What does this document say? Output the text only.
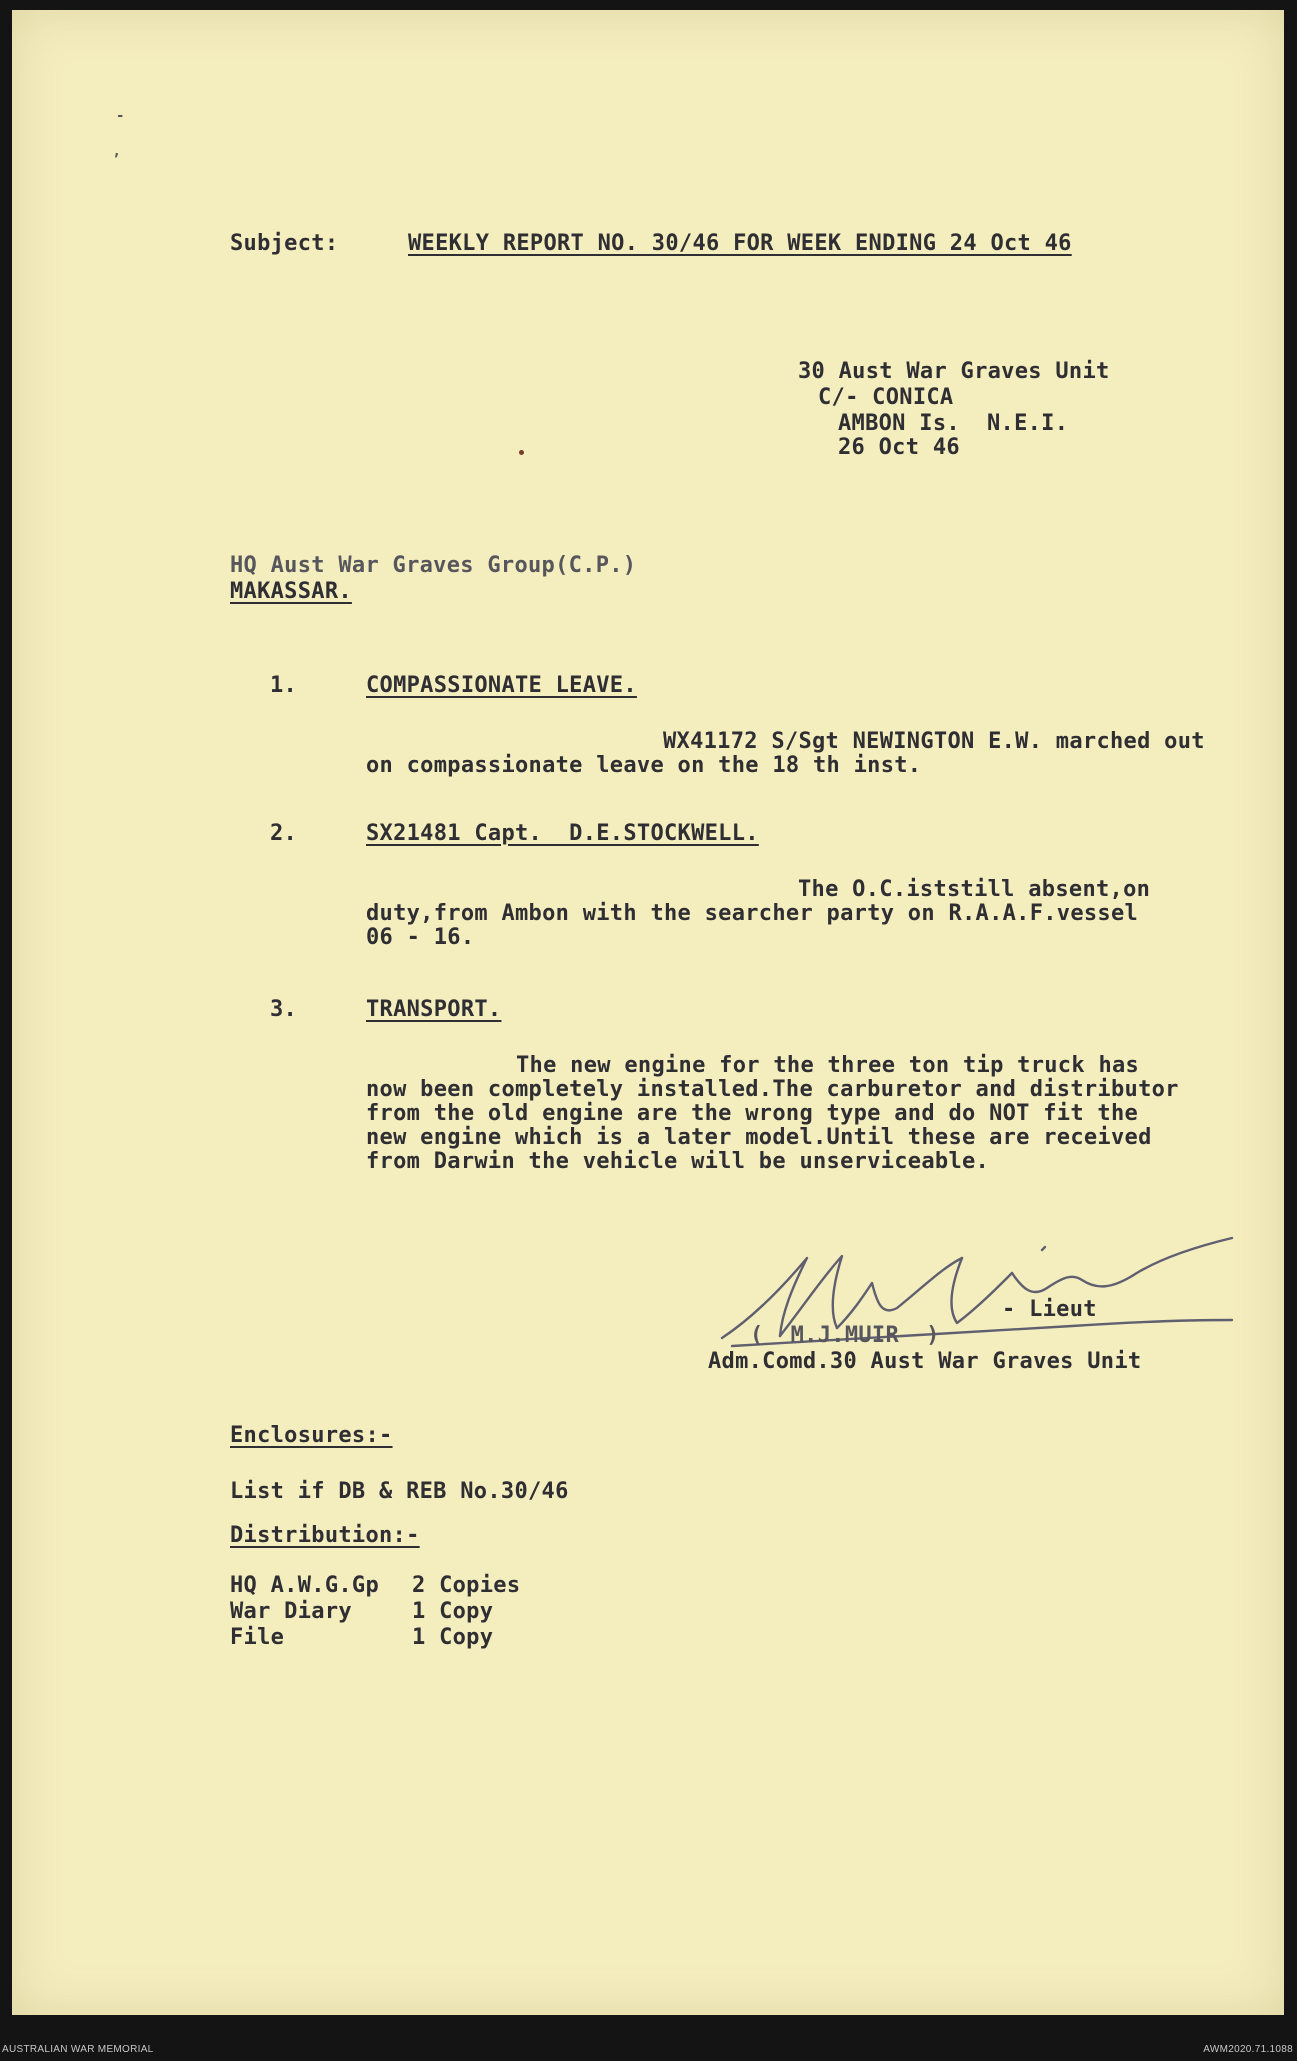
-
’
Subject:	WEEKLY REPORT NO. 30/46 FOR WEEK ENDING 24 Oct 46
30 Aust War Graves Unit
C/- CONICA
AMBON Is.  N.E.I.
26 Oct 46
HQ Aust War Graves Group(C.P.)
MAKASSAR.
1.	COMPASSIONATE LEAVE.
WX41172 S/Sgt NEWINGTON E.W. marched out
on compassionate leave on the 18 th inst.
2.	SX21481 Capt.  D.E.STOCKWELL.
The O.C.iststill absent,on
duty,from Ambon with the searcher party on R.A.A.F.vessel
06 - 16.
3.	TRANSPORT.
The new engine for the three ton tip truck has
now been completely installed.The carburetor and distributor
from the old engine are the wrong type and do NOT fit the
new engine which is a later model.Until these are received
from Darwin the vehicle will be unserviceable.
- Lieut
(  M.J.MUIR  )
Adm.Comd.30 Aust War Graves Unit
Enclosures:-
List if DB & REB No.30/46
Distribution:-
HQ A.W.G.Gp 2 Copies
War Diary	1 Copy
File	1 Copy
AUSTRALIAN WAR MEMORIAL	AWM2020.71.1088
